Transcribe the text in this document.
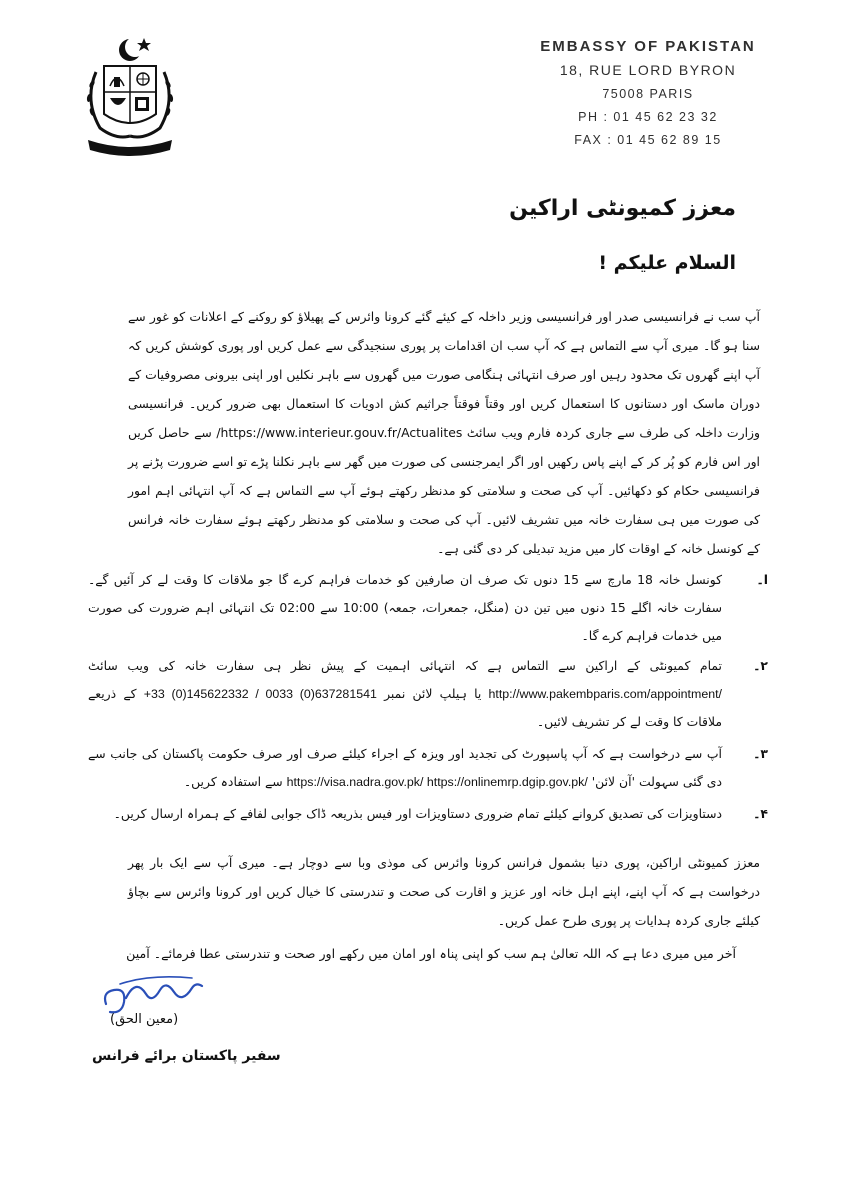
EMBASSY OF PAKISTAN
18, RUE LORD BYRON
75008 PARIS
PH : 01 45 62 23 32
FAX : 01 45 62 89 15
معزز کمیونٹی اراکین
السلام علیکم !
آپ سب نے فرانسیسی صدر اور فرانسیسی وزیر داخلہ کے کیئے گئے کرونا وائرس کے پھیلاؤ کو روکنے کے اعلانات کو غور سے سنا ہو گا۔ میری آپ سے التماس ہے کہ آپ سب ان اقدامات پر پوری سنجیدگی سے عمل کریں اور پوری کوشش کریں کہ آپ اپنے گھروں تک محدود رہیں اور صرف انتہائی ہنگامی صورت میں گھروں سے باہر نکلیں اور اپنی بیرونی مصروفیات کے دوران ماسک اور دستانوں کا استعمال کریں اور وقتاً فوقتاً جراثیم کش ادویات کا استعمال بھی ضرور کریں۔ فرانسیسی وزارت داخلہ کی طرف سے جاری کردہ فارم ویب سائٹ https://www.interieur.gouv.fr/Actualites/ سے حاصل کریں اور اس فارم کو پُر کر کے اپنے پاس رکھیں اور اگر ایمرجنسی کی صورت میں گھر سے باہر نکلنا پڑے تو اسے ضرورت پڑنے پر فرانسیسی حکام کو دکھائیں۔ آپ کی صحت و سلامتی کو مدنظر رکھتے ہوئے آپ سے التماس ہے کہ آپ انتہائی اہم امور کی صورت میں ہی سفارت خانہ میں تشریف لائیں۔ آپ کی صحت و سلامتی کو مدنظر رکھتے ہوئے سفارت خانہ فرانس کے کونسل خانہ کے اوقات کار میں مزید تبدیلی کر دی گئی ہے۔
ا۔
کونسل خانہ 18 مارچ سے 15 دنوں تک صرف ان صارفین کو خدمات فراہم کرے گا جو ملاقات کا وقت لے کر آئیں گے۔ سفارت خانہ اگلے 15 دنوں میں تین دن (منگل، جمعرات، جمعہ) 10:00 سے 02:00 تک انتہائی اہم ضرورت کی صورت میں خدمات فراہم کرے گا۔
۲۔
تمام کمیونٹی کے اراکین سے التماس ہے کہ انتہائی اہمیت کے پیش نظر ہی سفارت خانہ کی ویب سائٹ http://www.pakembparis.com/appointment/ یا ہیلپ لائن نمبر +33 (0)145622332 / 0033 (0)637281541 کے ذریعے ملاقات کا وقت لے کر تشریف لائیں۔
۳۔
آپ سے درخواست ہے کہ آپ پاسپورٹ کی تجدید اور ویزہ کے اجراء کیلئے صرف اور صرف حکومت پاکستان کی جانب سے دی گئی سہولت 'آن لائن' https://visa.nadra.gov.pk/ https://onlinemrp.dgip.gov.pk/ سے استفادہ کریں۔
۴۔
دستاویزات کی تصدیق کروانے کیلئے تمام ضروری دستاویزات اور فیس بذریعہ ڈاک جوابی لفافے کے ہمراہ ارسال کریں۔
معزز کمیونٹی اراکین، پوری دنیا بشمول فرانس کرونا وائرس کی موذی وبا سے دوچار ہے۔ میری آپ سے ایک بار پھر درخواست ہے کہ آپ اپنے، اپنے اہل خانہ اور عزیز و اقارت کی صحت و تندرستی کا خیال کریں اور کرونا وائرس سے بچاؤ کیلئے جاری کردہ ہدایات پر پوری طرح عمل کریں۔
آخر میں میری دعا ہے کہ اللہ تعالیٰ ہم سب کو اپنی پناہ اور امان میں رکھے اور صحت و تندرستی عطا فرمائے۔ آمین
(معین الحق)
سفیر پاکستان برائے فرانس
